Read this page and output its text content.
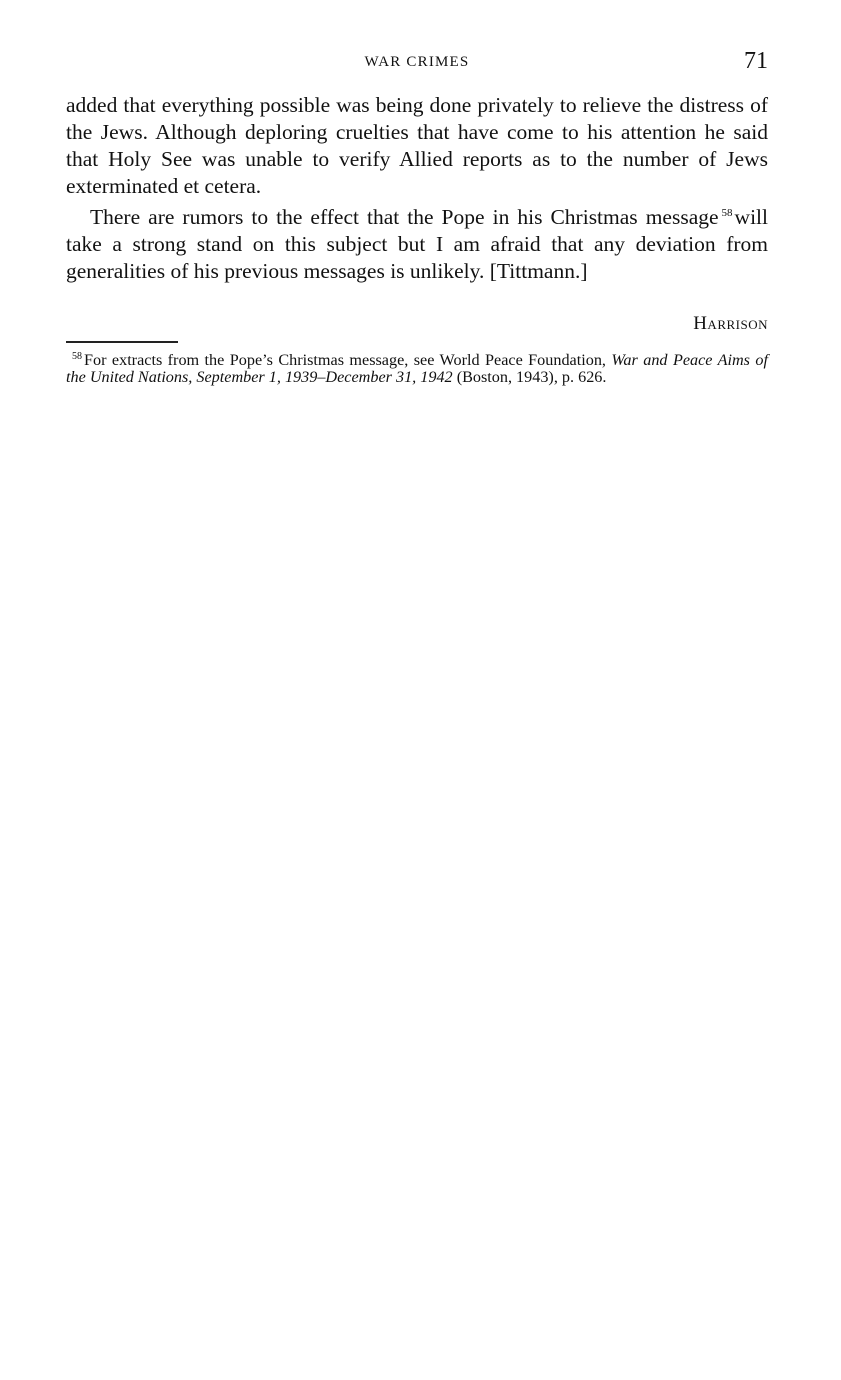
WAR CRIMES	71

added that everything possible was being done privately to relieve the distress of the Jews. Although deploring cruelties that have come to his attention he said that Holy See was unable to verify Allied reports as to the number of Jews exterminated et cetera.

There are rumors to the effect that the Pope in his Christmas message $^{58}$will take a strong stand on this subject but I am afraid that any deviation from generalities of his previous messages is unlikely. [Tittmann.]

Harrison
$^{58}$ For extracts from the Pope’s Christmas message, see World Peace Foundation, War and Peace Aims of the United Nations, September 1, 1939–December 31, 1942 (Boston, 1943), p. 626.
